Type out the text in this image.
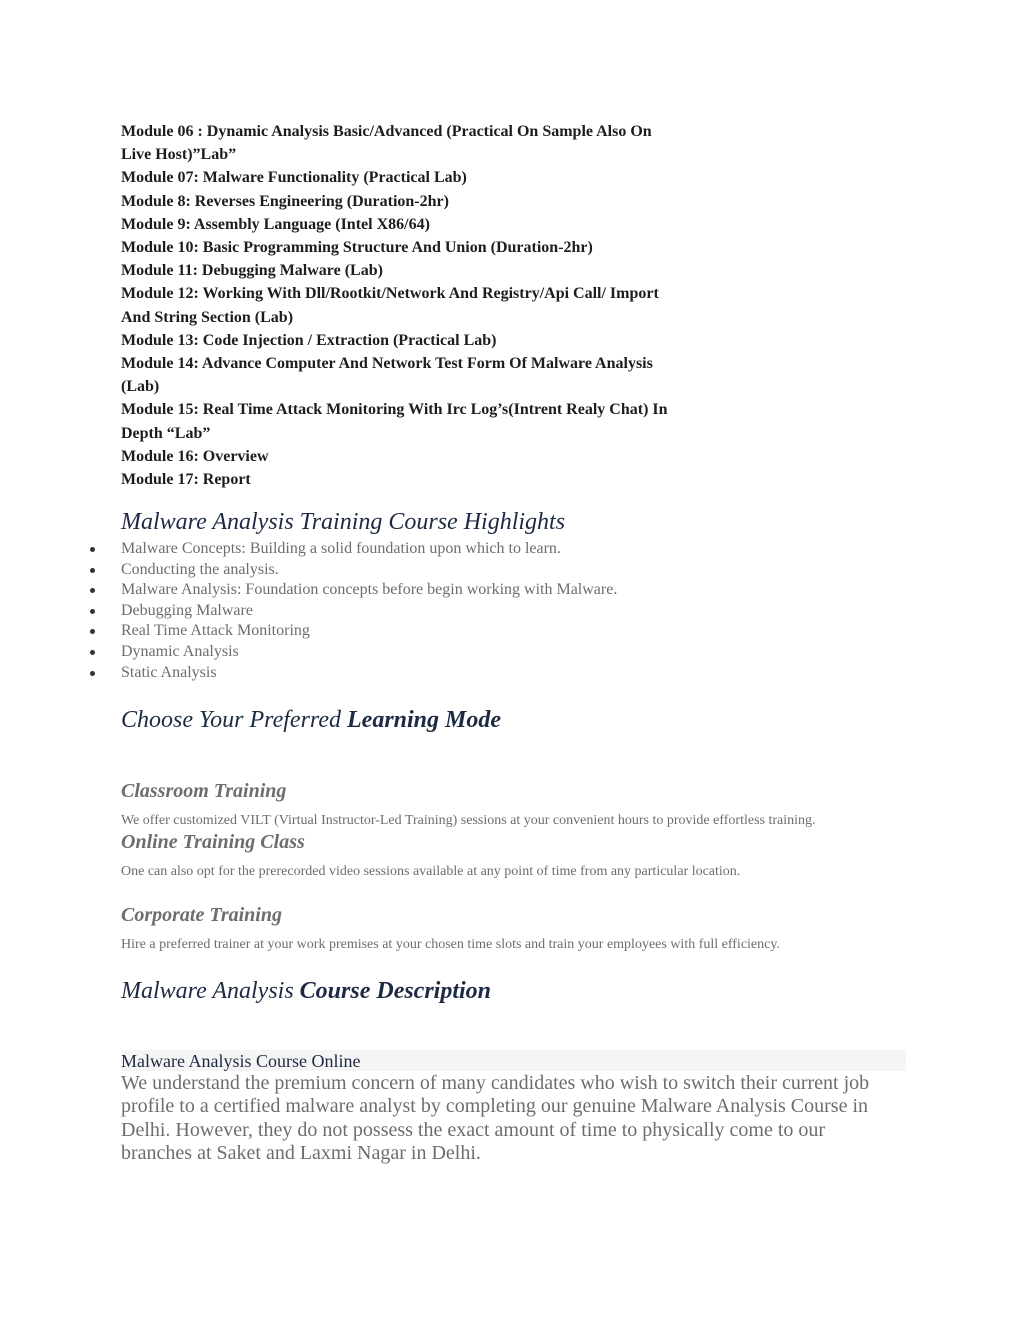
Module 06 : Dynamic Analysis Basic/Advanced (Practical On Sample Also On Live Host)”Lab”
Module 07: Malware Functionality (Practical Lab)
Module 8: Reverses Engineering (Duration-2hr)
Module 9: Assembly Language (Intel X86/64)
Module 10: Basic Programming Structure And Union (Duration-2hr)
Module 11: Debugging Malware (Lab)
Module 12: Working With Dll/Rootkit/Network And Registry/Api Call/ Import And String Section (Lab)
Module 13: Code Injection / Extraction (Practical Lab)
Module 14: Advance Computer And Network Test Form Of Malware Analysis (Lab)
Module 15: Real Time Attack Monitoring With Irc Log’s(Intrent Realy Chat) In Depth “Lab”
Module 16: Overview
Module 17: Report
Malware Analysis Training Course Highlights
Malware Concepts: Building a solid foundation upon which to learn.
Conducting the analysis.
Malware Analysis: Foundation concepts before begin working with Malware.
Debugging Malware
Real Time Attack Monitoring
Dynamic Analysis
Static Analysis
Choose Your Preferred Learning Mode
Classroom Training
We offer customized VILT (Virtual Instructor-Led Training) sessions at your convenient hours to provide effortless training.
Online Training Class
One can also opt for the prerecorded video sessions available at any point of time from any particular location.
Corporate Training
Hire a preferred trainer at your work premises at your chosen time slots and train your employees with full efficiency.
Malware Analysis Course Description
Malware Analysis Course Online
We understand the premium concern of many candidates who wish to switch their current job profile to a certified malware analyst by completing our genuine Malware Analysis Course in Delhi. However, they do not possess the exact amount of time to physically come to our branches at Saket and Laxmi Nagar in Delhi.
